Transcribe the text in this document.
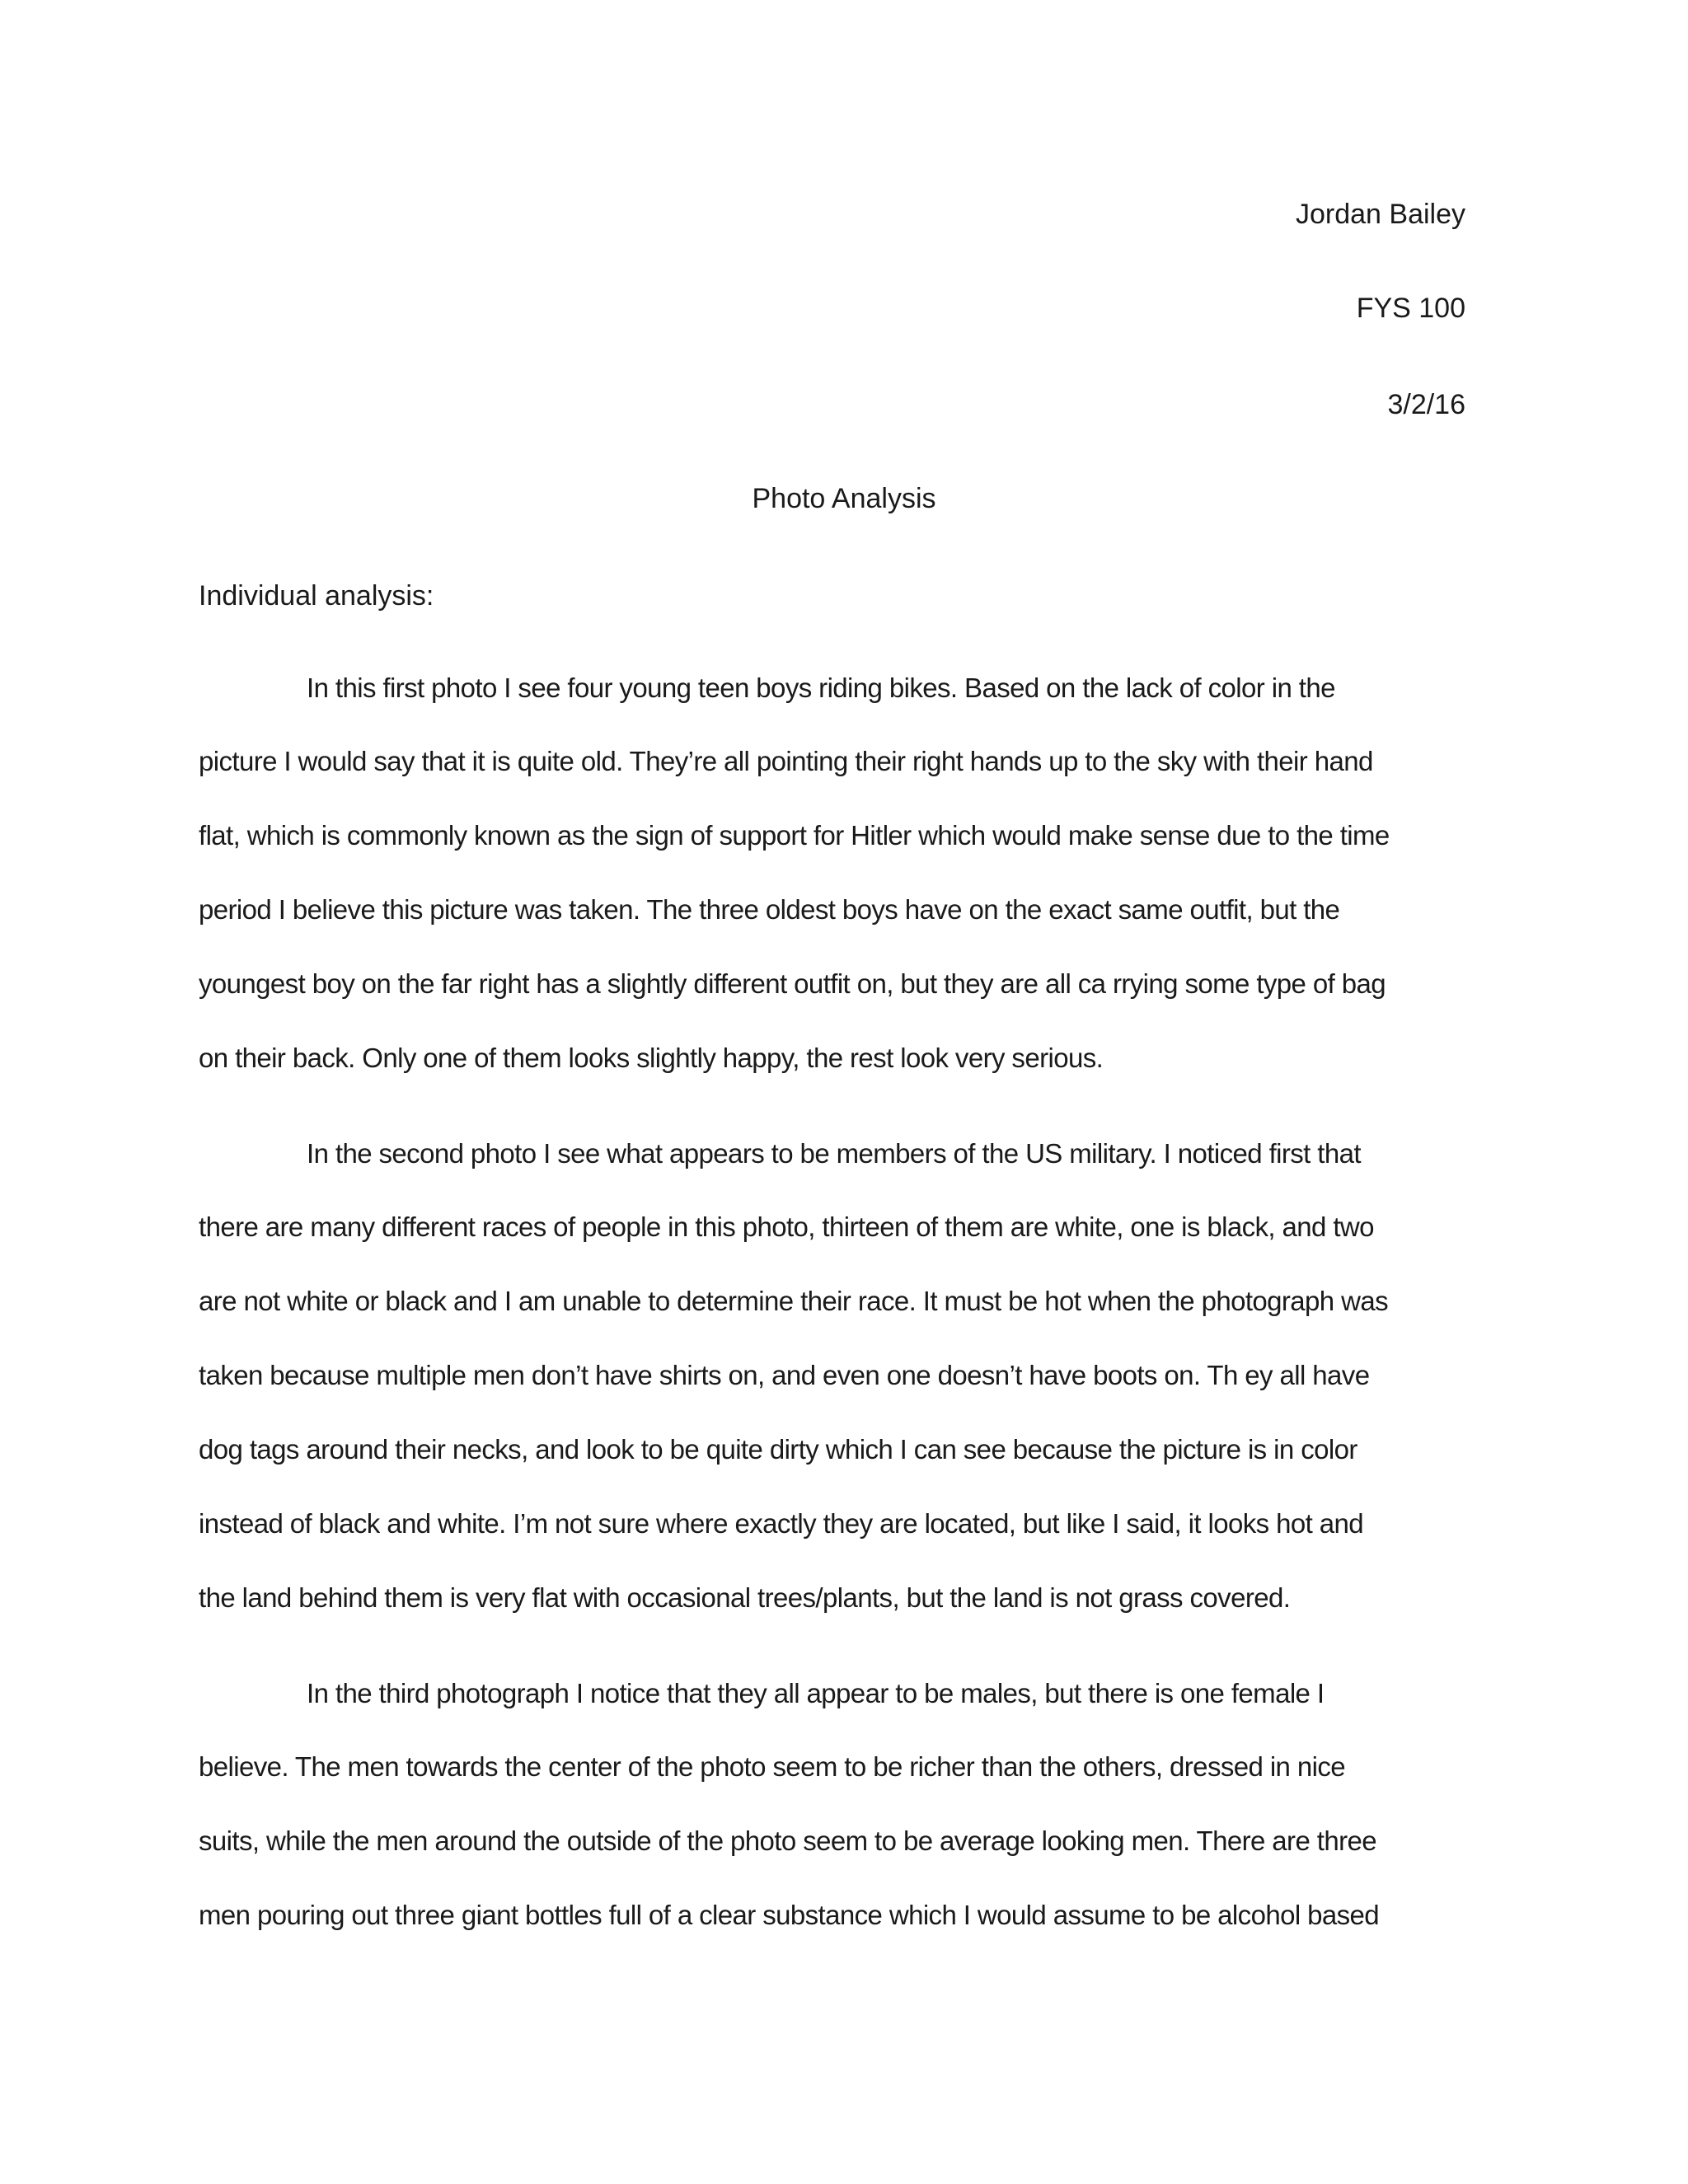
Jordan Bailey
FYS 100
3/2/16
Photo Analysis
Individual analysis:
In this first photo I see four young teen boys riding bikes. Based on the lack of color in the
picture I would say that it is quite old. They’re all pointing their right hands up to the sky with their hand
flat, which is commonly known as the sign of support for Hitler which would make sense due to the time
period I believe this picture was taken. The three oldest boys have on the exact same outfit, but the
youngest boy on the far right has a slightly different outfit on, but they are all ca rrying some type of bag
on their back. Only one of them looks slightly happy, the rest look very serious.
In the second photo I see what appears to be members of the US military. I noticed first that
there are many different races of people in this photo, thirteen of them are white, one is black, and two
are not white or black and I am unable to determine their race. It must be hot when the photograph was
taken because multiple men don’t have shirts on, and even one doesn’t have boots on. Th ey all have
dog tags around their necks, and look to be quite dirty which I can see because the picture is in color
instead of black and white. I’m not sure where exactly they are located, but like I said, it looks hot and
the land behind them is very flat with occasional trees/plants, but the land is not grass covered.
In the third photograph I notice that they all appear to be males, but there is one female I
believe. The men towards the center of the photo seem to be richer than the others, dressed in nice
suits, while the men around the outside of the photo seem to be average looking men. There are three
men pouring out three giant bottles full of a clear substance which I would assume to be alcohol based
